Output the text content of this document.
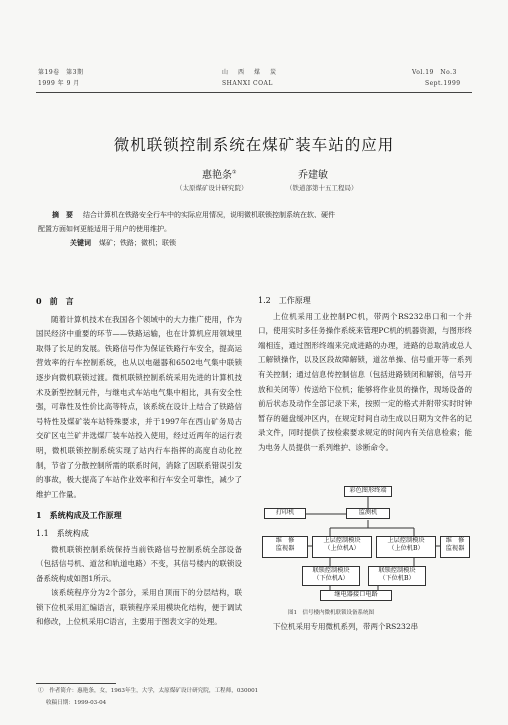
第19卷　第3期
1999 年 9 月
山　西　煤　炭
SHANXI COAL
Vol.19　No.3
Sept.1999
微机联锁控制系统在煤矿装车站的应用
惠艳条①	乔建敏
（太原煤矿设计研究院）	（铁道部第十五工程局）
摘　要 结合计算机在铁路安全行车中的实际应用情况，说明微机联锁控制系统在软、硬件
配置方面如何更能适用于用户的使用维护。
关键词 煤矿；铁路；微机；联锁
0　前　言

随着计算机技术在我国各个领域中的大力推广使用，作为国民经济中重要的环节——铁路运输，也在计算机应用领域里取得了长足的发展。铁路信号作为保证铁路行车安全，提高运营效率的行车控制系统，也从以电磁器和6502电气集中联锁逐步向微机联锁过渡。微机联锁控制系统采用先进的计算机技术及新型控制元件，与继电式车站电气集中相比，具有安全性强，可靠性及性价比高等特点，该系统在设计上结合了铁路信号特性及煤矿装车站特殊要求，并于1997年在西山矿务局古交矿区屯兰矿井选煤厂装车站投入使用，经过近两年的运行表明，微机联锁控制系统实现了站内行车指挥的高度自动化控制，节省了分散控制所需的联系时间，消除了因联系错误引发的事故，极大提高了车站作业效率和行车安全可靠性，减少了维护工作量。

1　系统构成及工作原理
1.1　系统构成

微机联锁控制系统保持当前铁路信号控制系统全部设备（包括信号机、道岔和轨道电路）不变，其信号楼内的联锁设备系统构成如图1所示。

该系统程序分为2个部分，采用自顶而下的分层结构，联锁下位机采用汇编语言，联锁程序采用模块化结构，便于调试和修改，上位机采用C语言，主要用于图表文字的处理。

1.2　工作原理

上位机采用工业控制PC机，带两个RS232串口和一个并口，使用实时多任务操作系统来管理PC机的机器资源，与图形终端相连，通过图形终端来完成进路的办理，进路的总取消或总人工解锁操作，以及区段故障解锁，道岔单操、信号重开等一系列有关控制；通过信息传控制信息（包括进路锁闭和解锁，信号开放和关闭等）传送给下位机；能够将作业员的操作，现场设备的前后状态及动作全部记录下来，按照一定的格式并附带实时时钟暂存的磁盘缓冲区内，在规定时间自动生成以日期为文件名的记录文件，同时提供了按检索要求规定的时间内有关信息检索；能为电务人员提供一系列维护、诊断命令。

彩色图形终端
打印机	监测机
维　修
监视器
上层控制模块
（上位机A）
上层控制模块
（上位机B）
维　修
监视器
联锁控制模块
（下位机A）
联锁控制模块
（下位机B）
继电器接口电路
图1　信号楼内微机联锁设备系统图

下位机采用专用微机系列，带两个RS232串

①　作者简介：惠艳条，女，1963年生，大学，太原煤矿设计研究院，工程师，030001
收稿日期：1999-03-04
